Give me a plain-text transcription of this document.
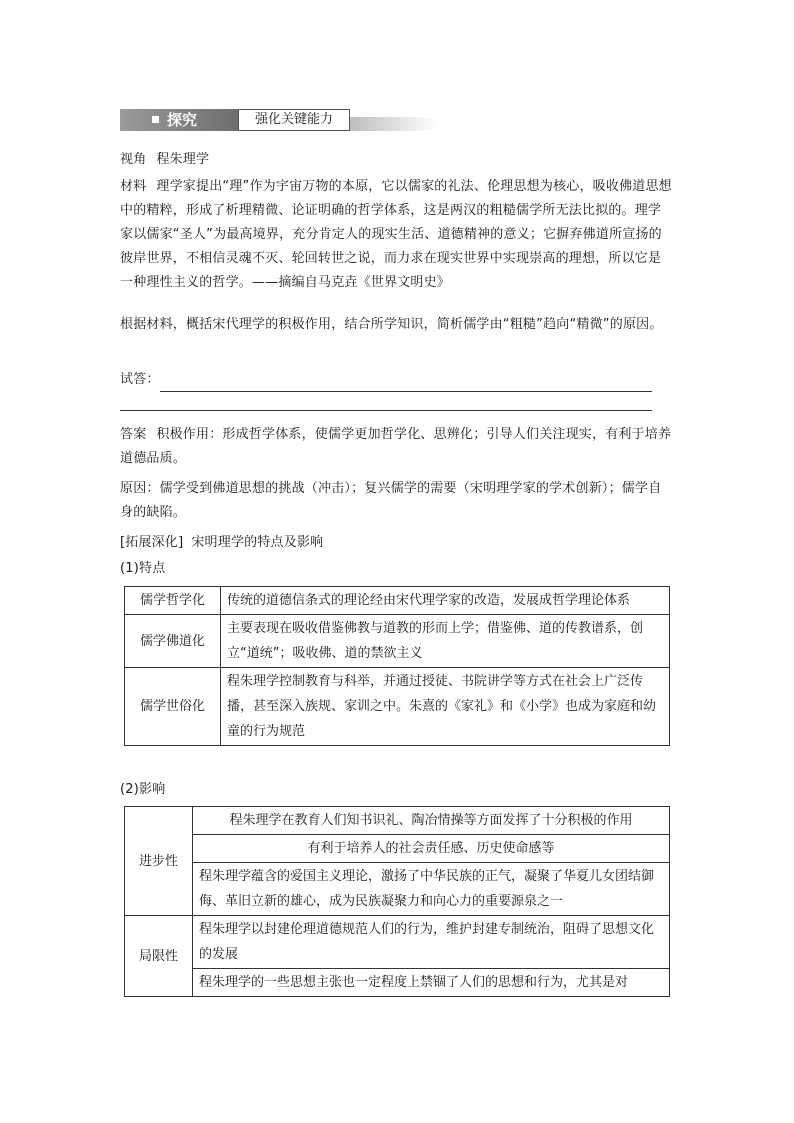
探究	强化关键能力
视角 程朱理学

材料 理学家提出“理”作为宇宙万物的本原，它以儒家的礼法、伦理思想为核心，吸收佛道思想中的精粹，形成了析理精微、论证明确的哲学体系，这是两汉的粗糙儒学所无法比拟的。理学家以儒家“圣人”为最高境界，充分肯定人的现实生活、道德精神的意义；它摒弃佛道所宣扬的彼岸世界，不相信灵魂不灭、轮回转世之说，而力求在现实世界中实现崇高的理想，所以它是一种理性主义的哲学。——摘编自马克垚《世界文明史》

根据材料，概括宋代理学的积极作用，结合所学知识，简析儒学由“粗糙”趋向“精微”的原因。

试答：

答案 积极作用：形成哲学体系，使儒学更加哲学化、思辨化；引导人们关注现实，有利于培养道德品质。

原因：儒学受到佛道思想的挑战（冲击）；复兴儒学的需要（宋明理学家的学术创新）；儒学自身的缺陷。

[拓展深化] 宋明理学的特点及影响
(1)特点
儒学哲学化	传统的道德信条式的理论经由宋代理学家的改造，发展成哲学理论体系
儒学佛道化	主要表现在吸收借鉴佛教与道教的形而上学；借鉴佛、道的传教谱系，创立“道统”；吸收佛、道的禁欲主义
儒学世俗化	程朱理学控制教育与科举，并通过授徒、书院讲学等方式在社会上广泛传播，甚至深入族规、家训之中。朱熹的《家礼》和《小学》也成为家庭和幼童的行为规范
(2)影响
进步性	程朱理学在教育人们知书识礼、陶冶情操等方面发挥了十分积极的作用
	有利于培养人的社会责任感、历史使命感等
	程朱理学蕴含的爱国主义理论，激扬了中华民族的正气，凝聚了华夏儿女团结御侮、革旧立新的雄心，成为民族凝聚力和向心力的重要源泉之一
局限性	程朱理学以封建伦理道德规范人们的行为，维护封建专制统治，阻碍了思想文化的发展
	程朱理学的一些思想主张也一定程度上禁锢了人们的思想和行为，尤其是对
